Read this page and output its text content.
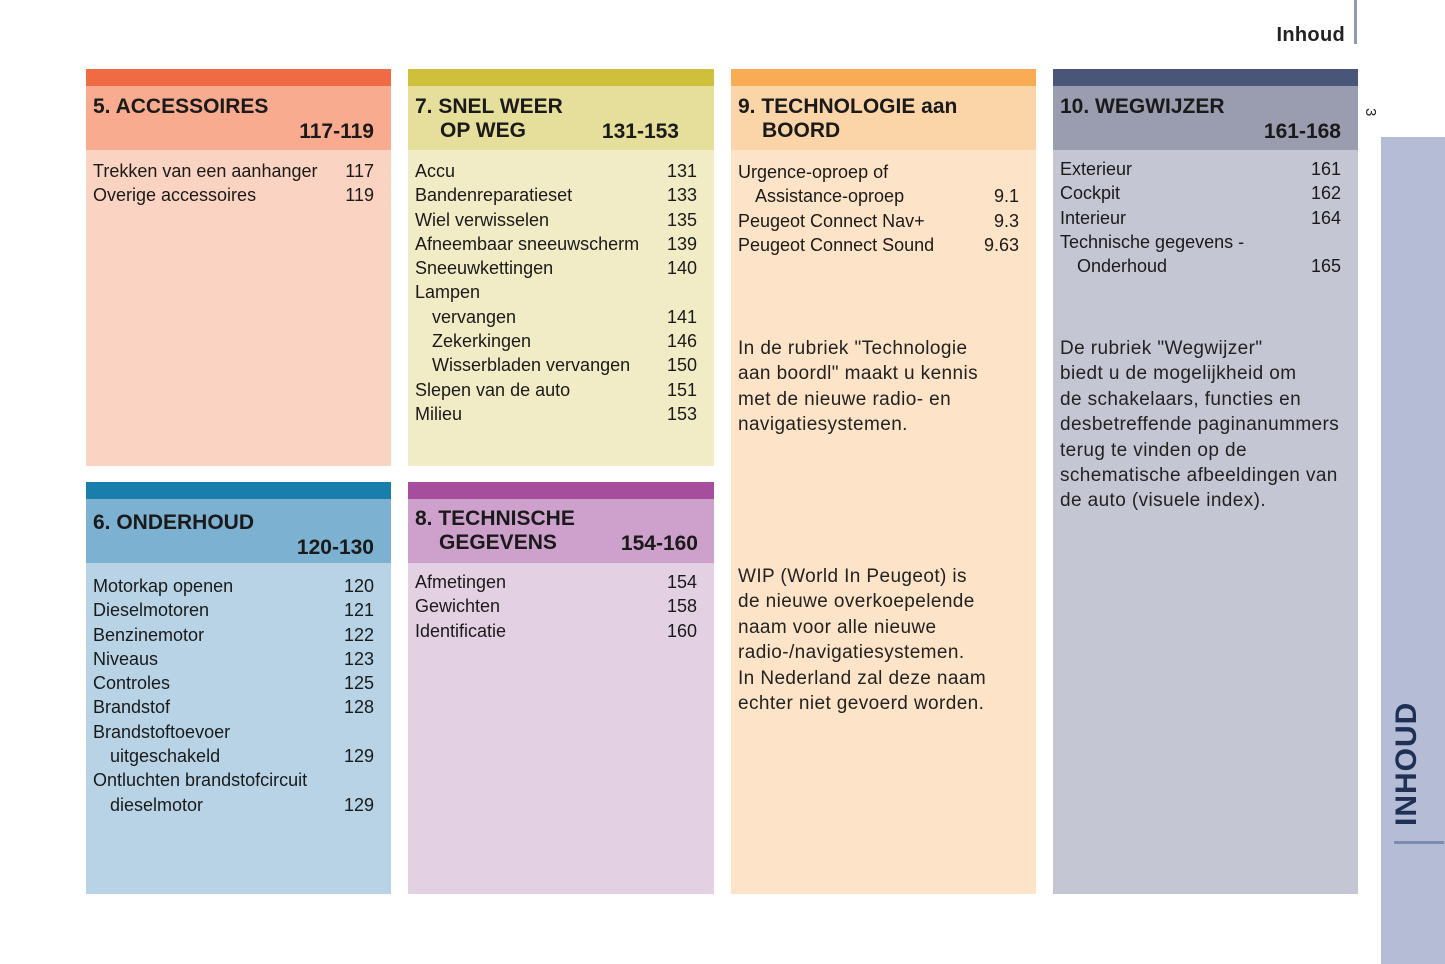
Inhoud
3
INHOUD
5. ACCESSOIRES
117-119
Trekken van een aanhanger 117
Overige accessoires	119
7. SNEL WEER
OP WEG	131-153
Accu	131
Bandenreparatieset	133
Wiel verwisselen	135
Afneembaar sneeuwscherm 139
Sneeuwkettingen	140
Lampen
vervangen	141
Zekerkingen	146
Wisserbladen vervangen 150
Slepen van de auto	151
Milieu	153
9. TECHNOLOGIE aan
BOORD
Urgence-oproep of
Assistance-oproep	9.1
Peugeot Connect Nav+	9.3
Peugeot Connect Sound	9.63
In de rubriek "Technologie
aan boordl" maakt u kennis
met de nieuwe radio- en
navigatiesystemen.
WIP (World In Peugeot) is
de nieuwe overkoepelende
naam voor alle nieuwe
radio-/navigatiesystemen.
In Nederland zal deze naam
echter niet gevoerd worden.
10. WEGWIJZER
161-168
Exterieur	161
Cockpit	162
Interieur	164
Technische gegevens -
Onderhoud	165
De rubriek "Wegwijzer"
biedt u de mogelijkheid om
de schakelaars, functies en
desbetreffende paginanummers
terug te vinden op de
schematische afbeeldingen van
de auto (visuele index).
6. ONDERHOUD
120-130
Motorkap openen	120
Dieselmotoren	121
Benzinemotor	122
Niveaus	123
Controles	125
Brandstof	128
Brandstoftoevoer
uitgeschakeld	129
Ontluchten brandstofcircuit
dieselmotor	129
8. TECHNISCHE
GEGEVENS	154-160
Afmetingen	154
Gewichten	158
Identificatie	160
